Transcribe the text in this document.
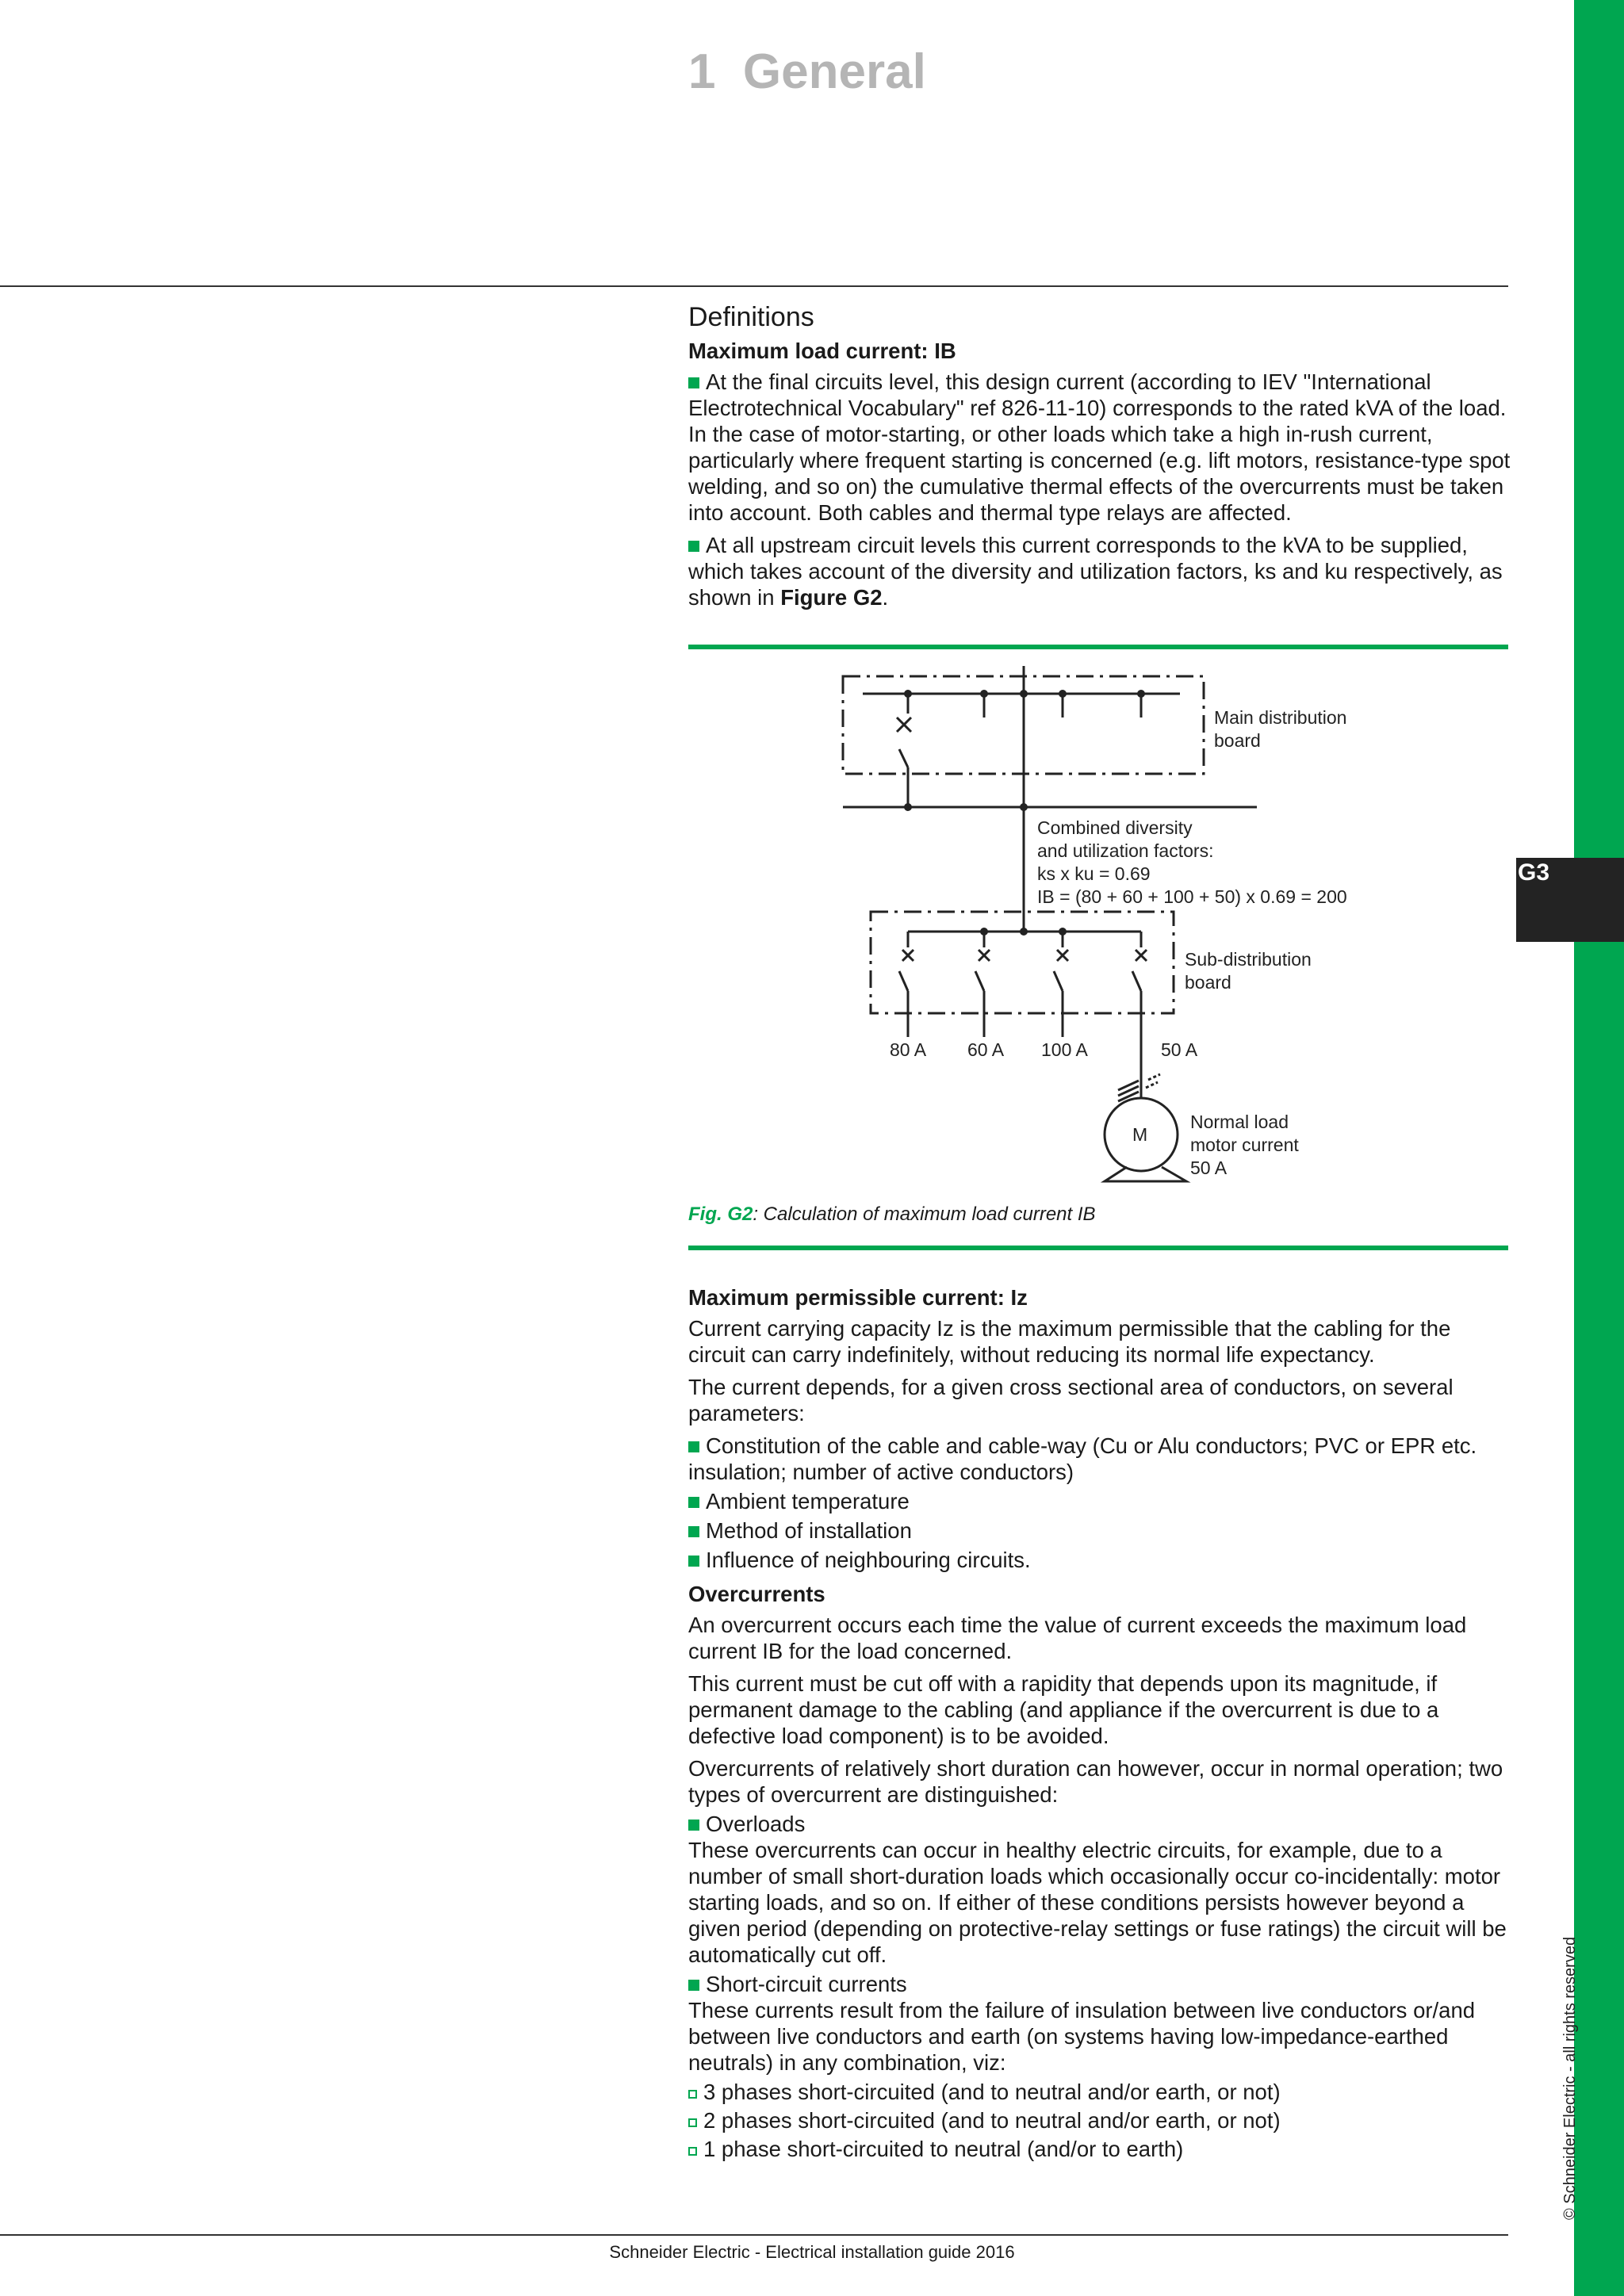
G3
1  General

Definitions

Maximum load current: IB

At the final circuits level, this design current (according to IEV "International Electrotechnical Vocabulary" ref 826-11-10) corresponds to the rated kVA of the load. In the case of motor-starting, or other loads which take a high in-rush current, particularly where frequent starting is concerned (e.g. lift motors, resistance-type spot welding, and so on) the cumulative thermal effects of the overcurrents must be taken into account. Both cables and thermal type relays are affected.

At all upstream circuit levels this current corresponds to the kVA to be supplied, which takes account of the diversity and utilization factors, ks and ku respectively, as shown in Figure G2.

Main distribution
board
Combined diversity
and utilization factors:
ks x ku = 0.69
IB = (80 + 60 + 100 + 50) x 0.69 = 200
Sub-distribution
board
80 A 60 A 100 A	50 A
M
Normal load
motor current
50 A
Fig. G2: Calculation of maximum load current IB

Maximum permissible current: Iz

Current carrying capacity Iz is the maximum permissible that the cabling for the circuit can carry indefinitely, without reducing its normal life expectancy.

The current depends, for a given cross sectional area of conductors, on several parameters:

Constitution of the cable and cable-way (Cu or Alu conductors; PVC or EPR etc. insulation; number of active conductors)

Ambient temperature

Method of installation

Influence of neighbouring circuits.

Overcurrents

An overcurrent occurs each time the value of current exceeds the maximum load current IB for the load concerned.

This current must be cut off with a rapidity that depends upon its magnitude, if permanent damage to the cabling (and appliance if the overcurrent is due to a defective load component) is to be avoided.

Overcurrents of relatively short duration can however, occur in normal operation; two types of overcurrent are distinguished:

Overloads

These overcurrents can occur in healthy electric circuits, for example, due to a number of small short-duration loads which occasionally occur co-incidentally: motor starting loads, and so on. If either of these conditions persists however beyond a given period (depending on protective-relay settings or fuse ratings) the circuit will be automatically cut off.

Short-circuit currents

These currents result from the failure of insulation between live conductors or/and between live conductors and earth (on systems having low-impedance-earthed neutrals) in any combination, viz:

3 phases short-circuited (and to neutral and/or earth, or not)

2 phases short-circuited (and to neutral and/or earth, or not)

1 phase short-circuited to neutral (and/or to earth)

Schneider Electric - Electrical installation guide 2016
© Schneider Electric - all rights reserved
